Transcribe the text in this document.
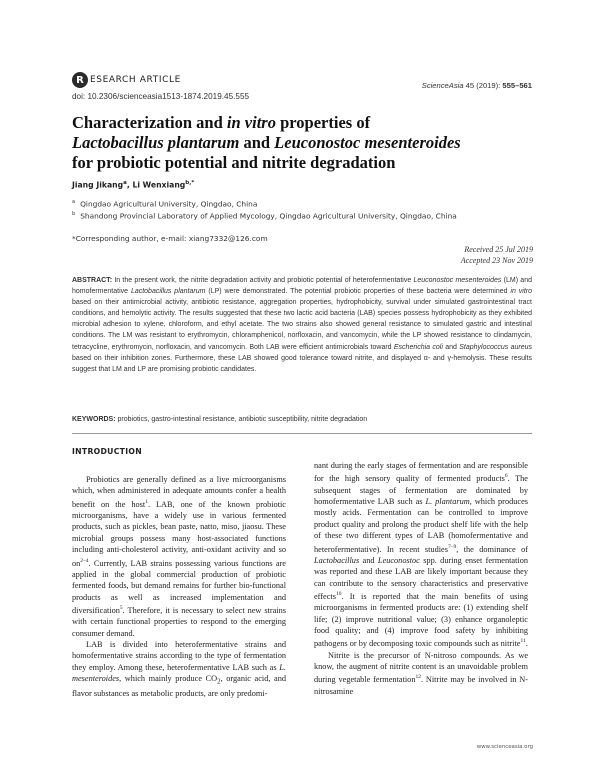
R ESEARCH ARTICLE
doi: 10.2306/scienceasia1513-1874.2019.45.555
ScienceAsia 45 (2019): 555–561
Characterization and in vitro properties of
Lactobacillus plantarum and Leuconostoc mesenteroides
for probiotic potential and nitrite degradation
Jiang Jikang$^a$, Li Wenxiang$^{b,*}$
$^a$ Qingdao Agricultural University, Qingdao, China
$^b$ Shandong Provincial Laboratory of Applied Mycology, Qingdao Agricultural University, Qingdao, China
*Corresponding author, e-mail: xiang7332@126.com
Received 25 Jul 2019
Accepted 23 Nov 2019
ABSTRACT: In the present work, the nitrite degradation activity and probiotic potential of heterofermentative Leuconostoc mesenteroides (LM) and homofermentative Lactobacillus plantarum (LP) were demonstrated. The potential probiotic properties of these bacteria were determined in vitro based on their antimicrobial activity, antibiotic resistance, aggregation properties, hydrophobicity, survival under simulated gastrointestinal tract conditions, and hemolytic activity. The results suggested that these two lactic acid bacteria (LAB) species possess hydrophobicity as they exhibited microbial adhesion to xylene, chloroform, and ethyl acetate. The two strains also showed general resistance to simulated gastric and intestinal conditions. The LM was resistant to erythromycin, chloramphenicol, norfloxacin, and vancomycin, while the LP showed resistance to clindamycin, tetracycline, erythromycin, norfloxacin, and vancomycin. Both LAB were efficient antimicrobials toward Escherichia coli and Staphylococcus aureus based on their inhibition zones. Furthermore, these LAB showed good tolerance toward nitrite, and displayed α- and γ-hemolysis. These results suggest that LM and LP are promising probiotic candidates.
KEYWORDS: probiotics, gastro-intestinal resistance, antibiotic susceptibility, nitrite degradation

INTRODUCTION

Probiotics are generally defined as a live microorganisms which, when administered in adequate amounts confer a health benefit on the host$^1$. LAB, one of the known probiotic microorganisms, have a widely use in various fermented products, such as pickles, bean paste, natto, miso, jiaosu. These microbial groups possess many host-associated functions including anti-cholesterol activity, anti-oxidant activity and so $on^{2-4}$. Currently, LAB strains possessing various functions are applied in the global commercial production of probiotic fermented foods, but demand remains for further bio-functional products as well as increased implementation and diversification$^5$. Therefore, it is necessary to select new strains with certain functional properties to respond to the emerging consumer demand.

LAB is divided into heterofermentative strains and homofermentative strains according to the type of fermentation they employ. Among these, heterofermentative LAB such as L. mesenteroides, which mainly produce $CO_2$, organic acid, and flavor substances as metabolic products, are only predomi-

nant during the early stages of fermentation and are responsible for the high sensory quality of fermented products$^6$. The subsequent stages of fermentation are dominated by homofermentative LAB such as L. plantarum, which produces mostly acids. Fermentation can be controlled to improve product quality and prolong the product shelf life with the help of these two different types of LAB (homofermentative and heterofermentative). In recent studies$^{7-9}$, the dominance of Lactobacillus and Leuconostoc spp. during enset fermentation was reported and these LAB are likely important because they can contribute to the sensory characteristics and preservative effects$^{10}$. It is reported that the main benefits of using microorganisms in fermented products are: (1) extending shelf life; (2) improve nutritional value; (3) enhance organoleptic food quality; and (4) improve food safety by inhibiting pathogens or by decomposing toxic compounds such as nitrite$^{11}$.

Nitrite is the precursor of N-nitroso compounds. As we know, the augment of nitrite content is an unavoidable problem during vegetable fermentation$^{12}$. Nitrite may be involved in N-nitrosamine

www.scienceasia.org
